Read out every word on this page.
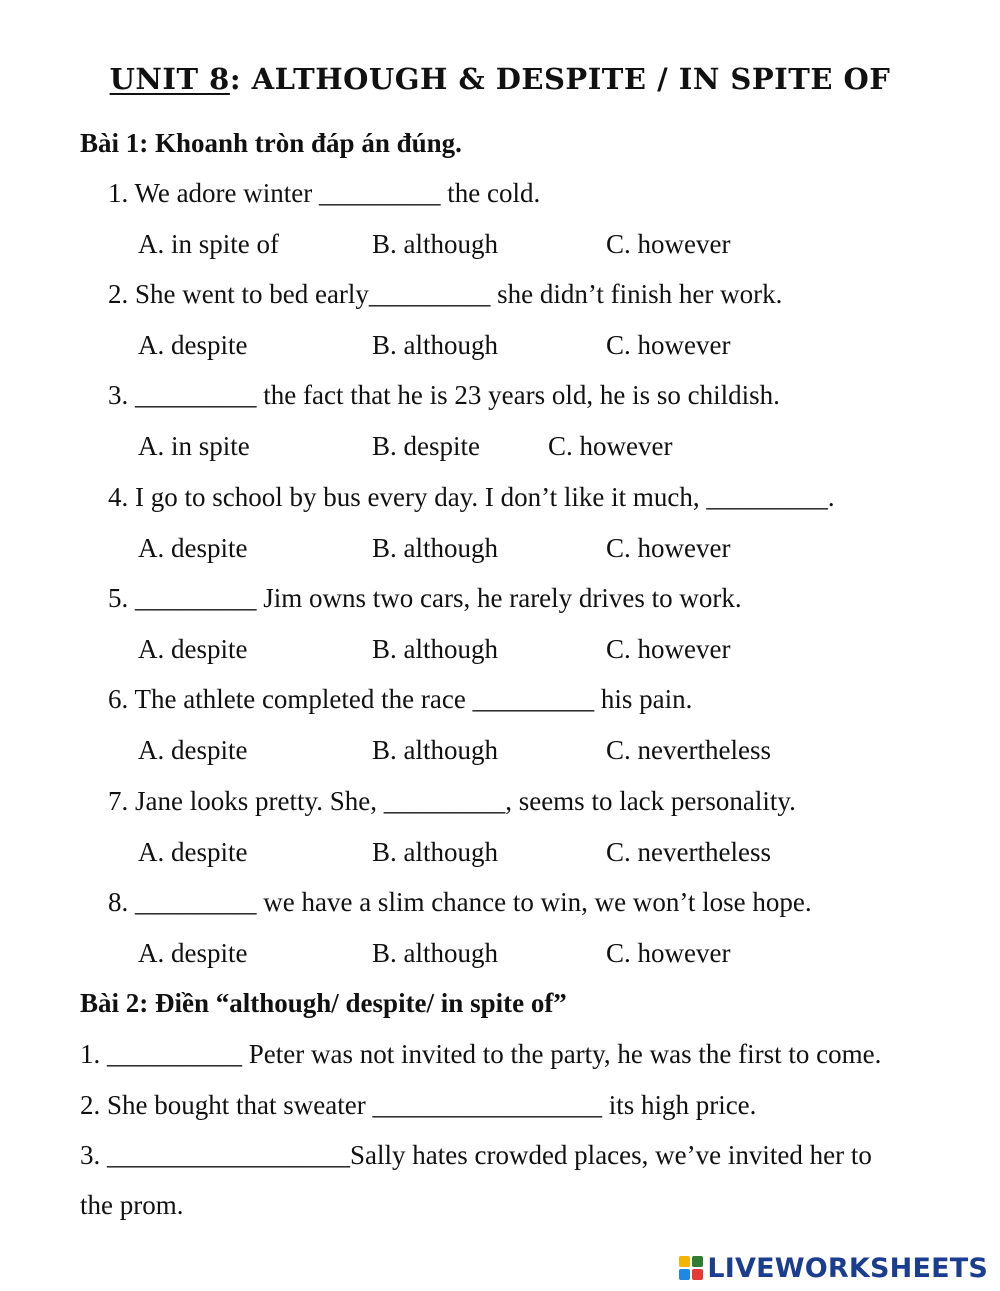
UNIT 8: ALTHOUGH & DESPITE / IN SPITE OF
Bài 1: Khoanh tròn đáp án đúng.
1. We adore winter _________ the cold.
A. in spite of	B. although	C. however
2. She went to bed early_________ she didn’t finish her work.
A. despite	B. although	C. however
3. _________ the fact that he is 23 years old, he is so childish.
A. in spite	B. despite	C. however
4. I go to school by bus every day. I don’t like it much, _________.
A. despite	B. although	C. however
5. _________ Jim owns two cars, he rarely drives to work.
A. despite	B. although	C. however
6. The athlete completed the race _________ his pain.
A. despite	B. although	C. nevertheless
7. Jane looks pretty. She, _________, seems to lack personality.
A. despite	B. although	C. nevertheless
8. _________ we have a slim chance to win, we won’t lose hope.
A. despite	B. although	C. however
Bài 2: Điền “although/ despite/ in spite of”
1. __________ Peter was not invited to the party, he was the first to come.
2. She bought that sweater _________________ its high price.
3. __________________Sally hates crowded places, we’ve invited her to
the prom.
LIVEWORKSHEETS
